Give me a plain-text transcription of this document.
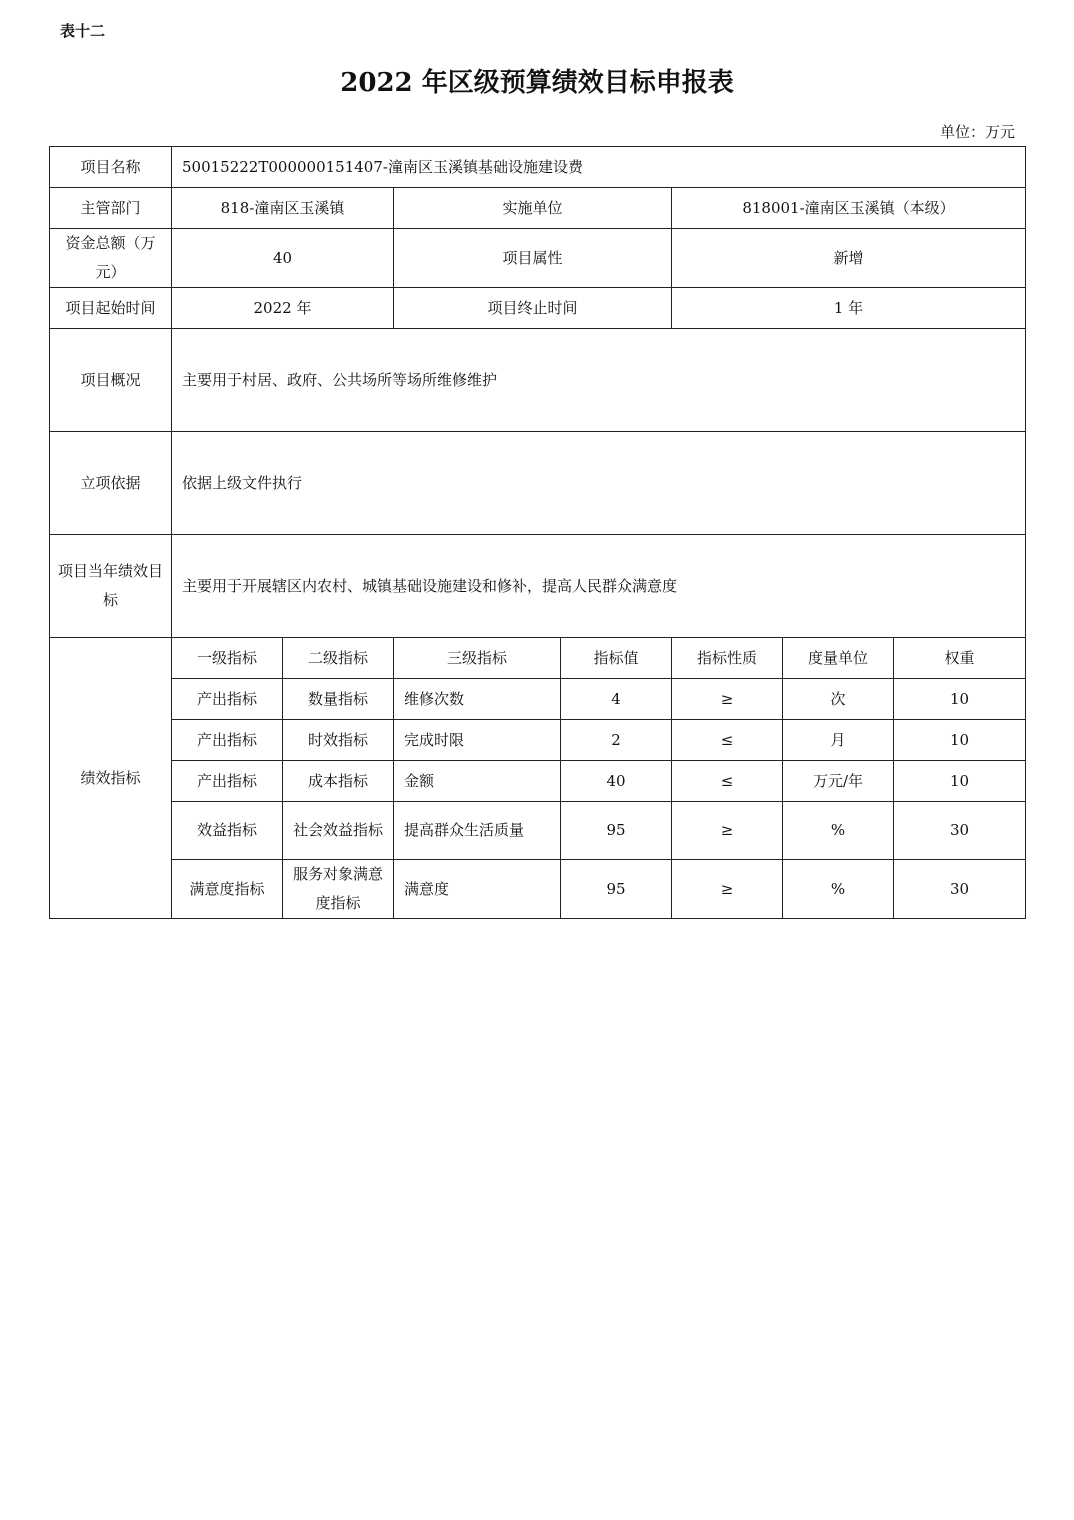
表十二
2022 年区级预算绩效目标申报表
单位：万元
项目名称	50015222T000000151407-潼南区玉溪镇基础设施建设费						
主管部门	818-潼南区玉溪镇		实施单位		818001-潼南区玉溪镇（本级）		
资金总额（万元）	40		项目属性		新增		
项目起始时间	2022 年		项目终止时间		1 年		
项目概况	主要用于村居、政府、公共场所等场所维修维护						
立项依据	依据上级文件执行						
项目当年绩效目标	主要用于开展辖区内农村、城镇基础设施建设和修补，提高人民群众满意度						
绩效指标	一级指标	二级指标	三级指标	指标值	指标性质	度量单位	权重
	产出指标	数量指标	维修次数	4	≥	次	10
	产出指标	时效指标	完成时限	2	≤	月	10
	产出指标	成本指标	金额	40	≤	万元/年	10
	效益指标	社会效益指标	提高群众生活质量	95	≥	%	30
	满意度指标	服务对象满意度指标	满意度	95	≥	%	30
